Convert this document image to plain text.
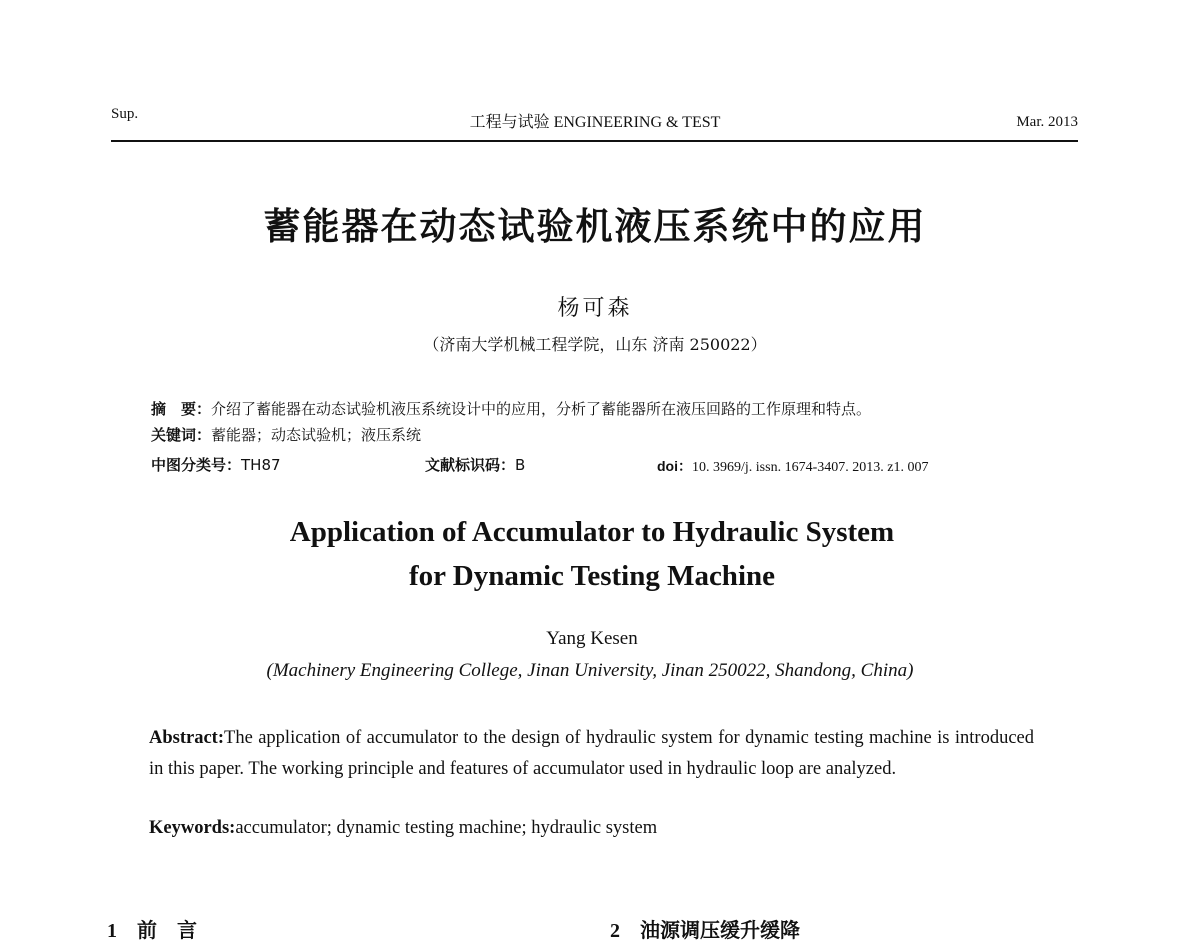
Sup.	工程与试验 ENGINEERING & TEST	Mar. 2013
蓄能器在动态试验机液压系统中的应用
杨可森
（济南大学机械工程学院，山东 济南 250022）
摘　要：介绍了蓄能器在动态试验机液压系统设计中的应用，分析了蓄能器所在液压回路的工作原理和特点。
关键词：蓄能器；动态试验机；液压系统
中图分类号：TH87	文献标识码：B	doi：10. 3969/j. issn. 1674-3407. 2013. z1. 007
Application of Accumulator to Hydraulic System
for Dynamic Testing Machine
Yang Kesen
(Machinery Engineering College, Jinan University, Jinan 250022, Shandong, China)
Abstract:The application of accumulator to the design of hydraulic system for dynamic testing machine is introduced in this paper. The working principle and features of accumulator used in hydraulic loop are analyzed.
Keywords:accumulator; dynamic testing machine; hydraulic system
1 前　言	2 油源调压缓升缓降
